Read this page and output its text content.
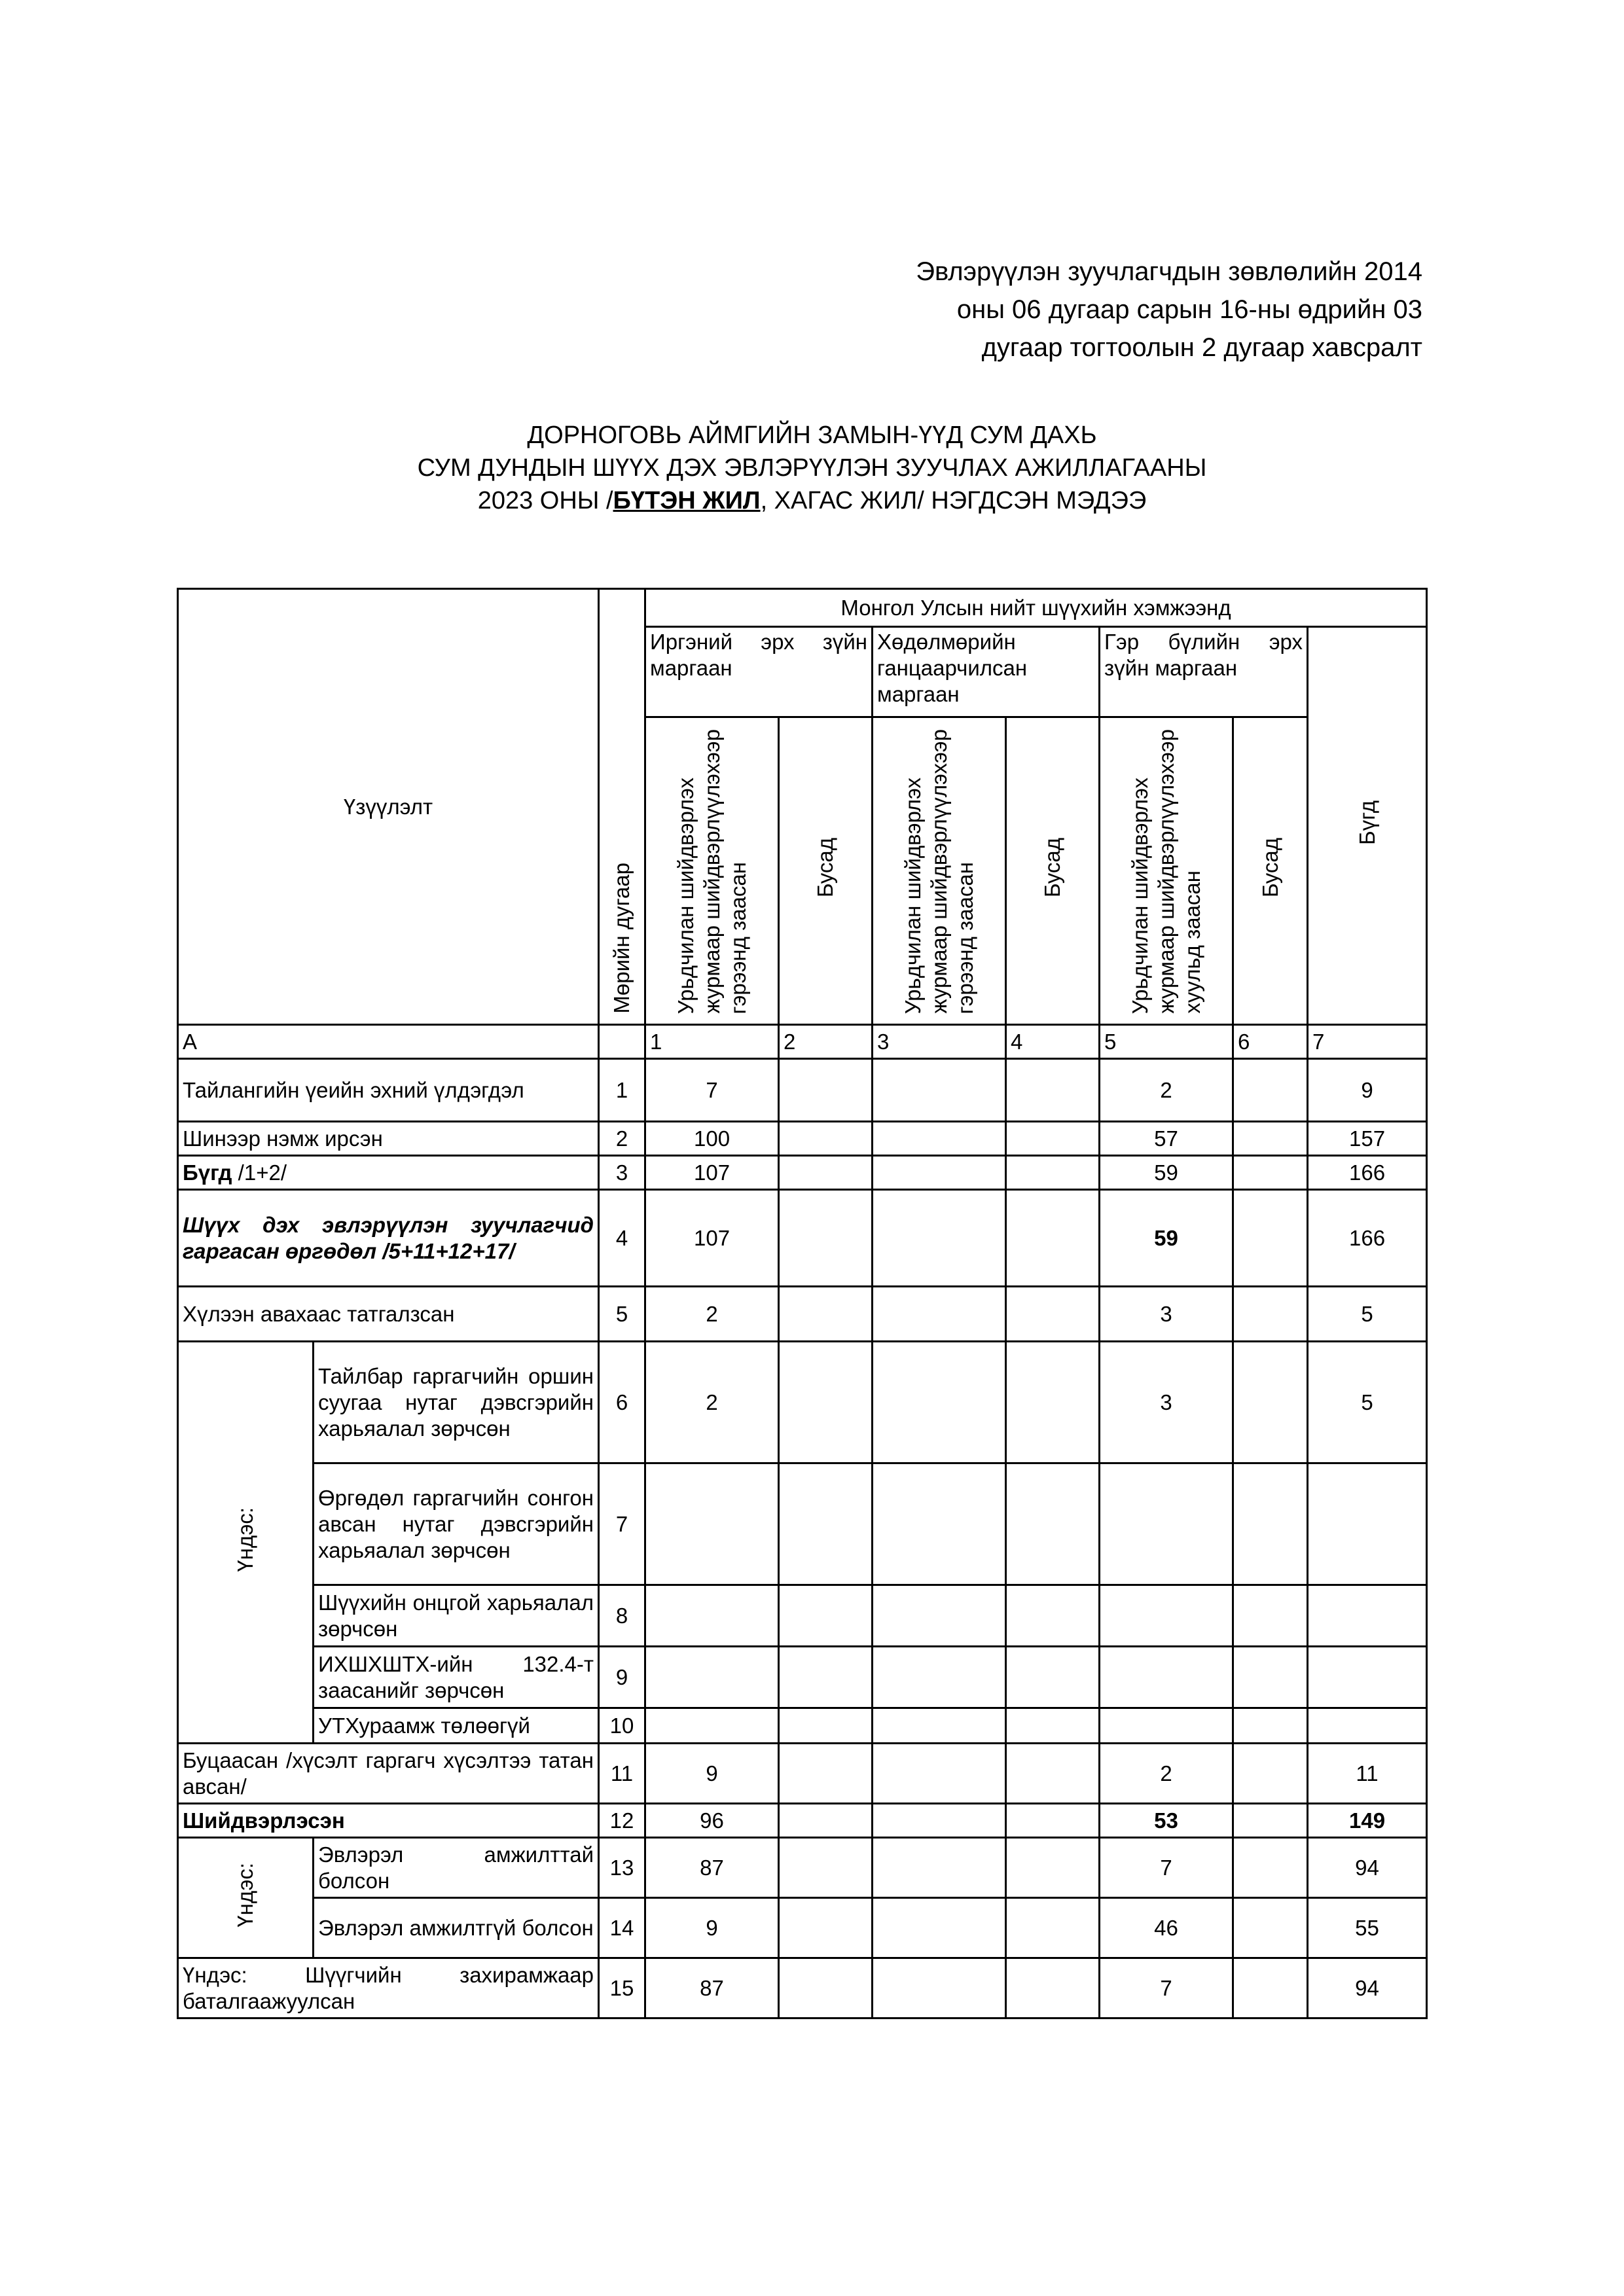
Эвлэрүүлэн зуучлагчдын зөвлөлийн 2014
оны 06 дугаар сарын 16-ны өдрийн 03
дугаар тогтоолын 2 дугаар хавсралт
ДОРНОГОВЬ АЙМГИЙН ЗАМЫН-ҮҮД СУМ ДАХЬ
СУМ ДУНДЫН ШҮҮХ ДЭХ ЭВЛЭРҮҮЛЭН ЗУУЧЛАХ АЖИЛЛАГААНЫ
2023 ОНЫ /БҮТЭН ЖИЛ, ХАГАС ЖИЛ/ НЭГДСЭН МЭДЭЭ
Үзүүлэлт		Мөрийн дугаар	Монгол Улсын нийт шүүхийн хэмжээнд						
			Иргэний эрх зүйн маргаан		Хөдөлмөрийн ганцаарчилсан маргаан		Гэр бүлийн эрх зүйн маргаан		Бүгд
			Урьдчилан шийдвэрлэхжурмаар шийдвэрлүүлэхээргэрээнд заасан	Бусад	Урьдчилан шийдвэрлэхжурмаар шийдвэрлүүлэхээргэрээнд заасан	Бусад	Урьдчилан шийдвэрлэхжурмаар шийдвэрлүүлэхээрхуульд заасан	Бусад	
А			1	2	3	4	5	6	7
Тайлангийн үеийн эхний үлдэгдэл		1	7				2		9
Шинээр нэмж ирсэн		2	100				57		157
Бүгд /1+2/		3	107				59		166
Шүүх дэх эвлэрүүлэн зуучлагчид гаргасан өргөдөл /5+11+12+17/		4	107				59		166
Хүлээн авахаас татгалзсан		5	2				3		5
Үндэс:	Тайлбар гаргагчийн оршин суугаа нутаг дэвсгэрийн харьяалал зөрчсөн	6	2				3		5
	Өргөдөл гаргагчийн сонгон авсан нутаг дэвсгэрийн харьяалал зөрчсөн	7							
	Шүүхийн онцгой харьяалал зөрчсөн	8							
	ИХШХШТХ-ийн 132.4-т заасанийг зөрчсөн	9							
	УТХураамж төлөөгүй	10							
Буцаасан /хүсэлт гаргагч хүсэлтээ татан авсан/		11	9				2		11
Шийдвэрлэсэн		12	96				53		149
Үндэс:	Эвлэрэл амжилттай болсон	13	87				7		94
	Эвлэрэл амжилтгүй болсон	14	9				46		55
Үндэс: Шүүгчийн захирамжаар баталгаажуулсан		15	87				7		94
